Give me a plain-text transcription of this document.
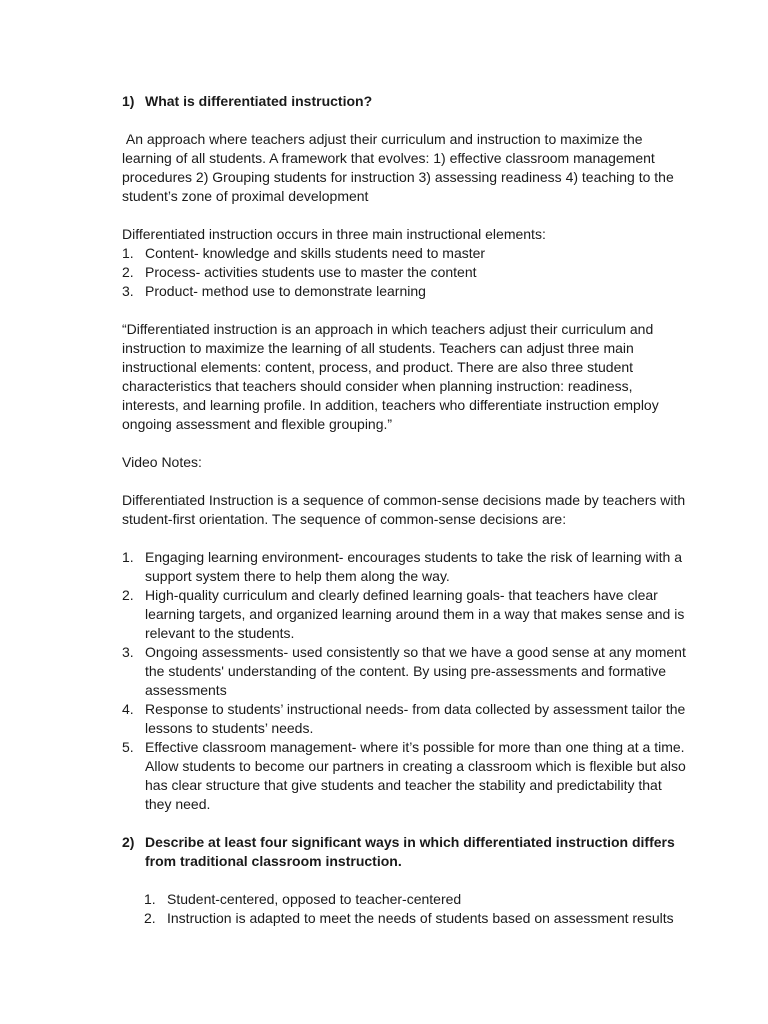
1) What is differentiated instruction?

An approach where teachers adjust their curriculum and instruction to maximize the learning of all students. A framework that evolves: 1) effective classroom management procedures 2) Grouping students for instruction 3) assessing readiness 4) teaching to the student’s zone of proximal development

Differentiated instruction occurs in three main instructional elements:

1. Content- knowledge and skills students need to master
2. Process- activities students use to master the content
3. Product- method use to demonstrate learning

“Differentiated instruction is an approach in which teachers adjust their curriculum and instruction to maximize the learning of all students. Teachers can adjust three main instructional elements: content, process, and product. There are also three student characteristics that teachers should consider when planning instruction: readiness, interests, and learning profile. In addition, teachers who differentiate instruction employ ongoing assessment and flexible grouping.”

Video Notes:

Differentiated Instruction is a sequence of common-sense decisions made by teachers with student-first orientation. The sequence of common-sense decisions are:

1. Engaging learning environment- encourages students to take the risk of learning with a support system there to help them along the way.
2. High-quality curriculum and clearly defined learning goals- that teachers have clear learning targets, and organized learning around them in a way that makes sense and is relevant to the students.
3. Ongoing assessments- used consistently so that we have a good sense at any moment the students' understanding of the content. By using pre-assessments and formative assessments
4. Response to students’ instructional needs- from data collected by assessment tailor the lessons to students’ needs.
5. Effective classroom management- where it’s possible for more than one thing at a time. Allow students to become our partners in creating a classroom which is flexible but also has clear structure that give students and teacher the stability and predictability that they need.
2) Describe at least four significant ways in which differentiated instruction differs from traditional classroom instruction.
1. Student-centered, opposed to teacher-centered
2. Instruction is adapted to meet the needs of students based on assessment results
